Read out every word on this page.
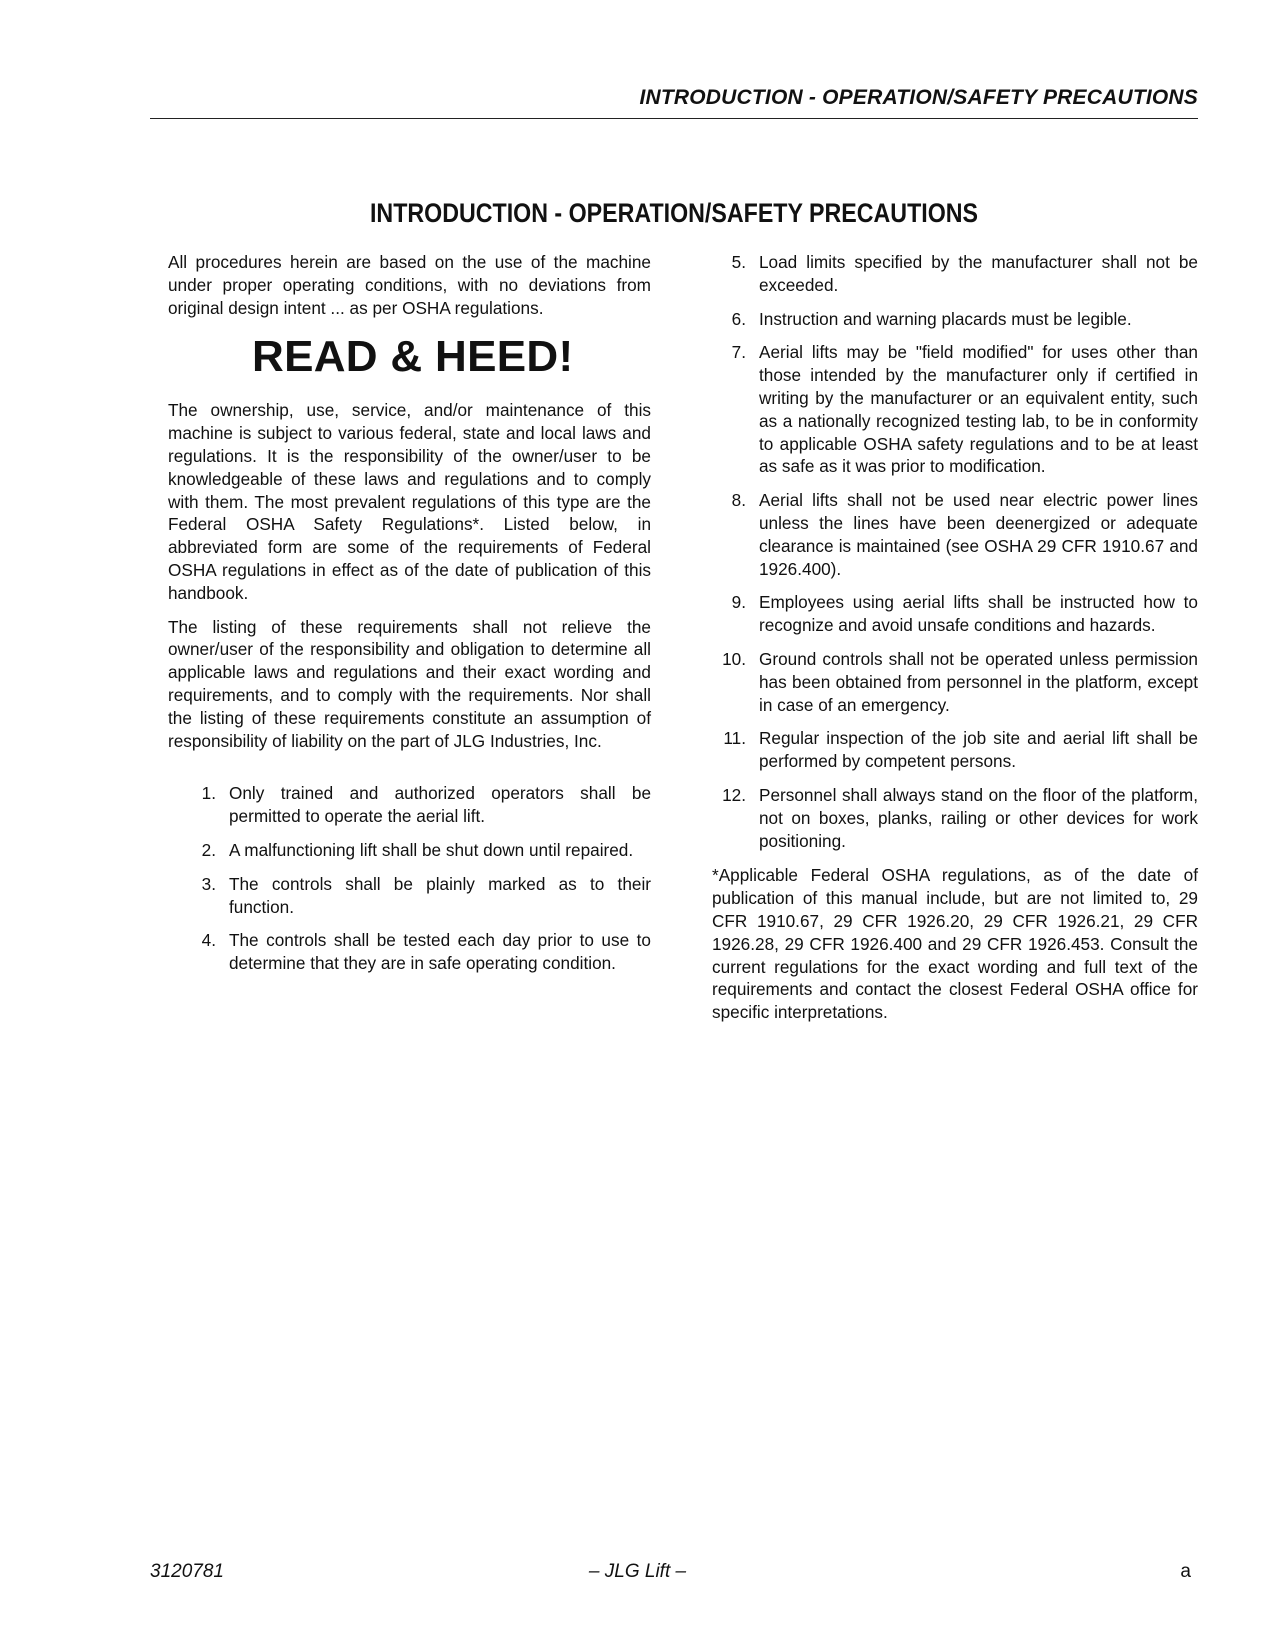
INTRODUCTION - OPERATION/SAFETY PRECAUTIONS
INTRODUCTION - OPERATION/SAFETY PRECAUTIONS

All procedures herein are based on the use of the machine under proper operating conditions, with no deviations from original design intent ... as per OSHA regulations.

READ & HEED!

The ownership, use, service, and/or maintenance of this machine is subject to various federal, state and local laws and regulations. It is the responsibility of the owner/user to be knowledgeable of these laws and regulations and to comply with them. The most prevalent regulations of this type are the Federal OSHA Safety Regulations*. Listed below, in abbreviated form are some of the requirements of Federal OSHA regulations in effect as of the date of publication of this handbook.

The listing of these requirements shall not relieve the owner/user of the responsibility and obligation to determine all applicable laws and regulations and their exact wording and requirements, and to comply with the requirements. Nor shall the listing of these requirements constitute an assumption of responsibility of liability on the part of JLG Industries, Inc.

1. Only trained and authorized operators shall be permitted to operate the aerial lift.
2. A malfunctioning lift shall be shut down until repaired.
3. The controls shall be plainly marked as to their function.
4. The controls shall be tested each day prior to use to determine that they are in safe operating condition.
5. Load limits specified by the manufacturer shall not be exceeded.
6. Instruction and warning placards must be legible.
7. Aerial lifts may be "field modified" for uses other than those intended by the manufacturer only if certified in writing by the manufacturer or an equivalent entity, such as a nationally recognized testing lab, to be in conformity to applicable OSHA safety regulations and to be at least as safe as it was prior to modification.
8. Aerial lifts shall not be used near electric power lines unless the lines have been deenergized or adequate clearance is maintained (see OSHA 29 CFR 1910.67 and 1926.400).
9. Employees using aerial lifts shall be instructed how to recognize and avoid unsafe conditions and hazards.
10. Ground controls shall not be operated unless permission has been obtained from personnel in the platform, except in case of an emergency.
11. Regular inspection of the job site and aerial lift shall be performed by competent persons.
12. Personnel shall always stand on the floor of the platform, not on boxes, planks, railing or other devices for work positioning.

*Applicable Federal OSHA regulations, as of the date of publication of this manual include, but are not limited to, 29 CFR 1910.67, 29 CFR 1926.20, 29 CFR 1926.21, 29 CFR 1926.28, 29 CFR 1926.400 and 29 CFR 1926.453. Consult the current regulations for the exact wording and full text of the requirements and contact the closest Federal OSHA office for specific interpretations.

3120781	– JLG Lift –	a
